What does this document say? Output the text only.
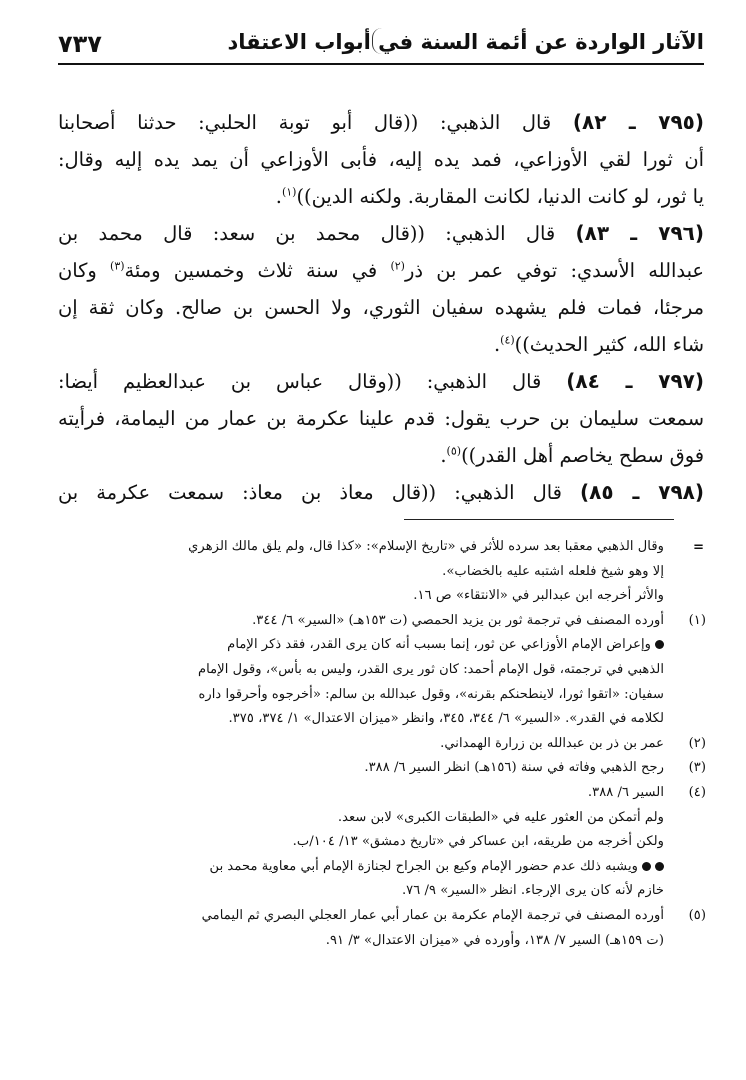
٧٣٧	الآثار الواردة عن أئمة السنة في أبواب الاعتقاد

(٧٩٥ ـ ٨٢) قال الذهبي: ((قال أبو توبة الحلبي: حدثنا أصحابنا
أن ثورا لقي الأوزاعي، فمد يده إليه، فأبى الأوزاعي أن يمد يده إليه وقال:
يا ثور، لو كانت الدنيا، لكانت المقاربة. ولكنه الدين))$^{(١)}$.

(٧٩٦ ـ ٨٣) قال الذهبي: ((قال محمد بن سعد: قال محمد بن
عبدالله الأسدي: توفي عمر بن ذر$^{(٢)}$ في سنة ثلاث وخمسين ومئة$^{(٣)}$ وكان
مرجئا، فمات فلم يشهده سفيان الثوري، ولا الحسن بن صالح. وكان ثقة إن
شاء الله، كثير الحديث))$^{(٤)}$.

(٧٩٧ ـ ٨٤) قال الذهبي: ((وقال عباس بن عبدالعظيم أيضا:
سمعت سليمان بن حرب يقول: قدم علينا عكرمة بن عمار من اليمامة، فرأيته
فوق سطح يخاصم أهل القدر))$^{(٥)}$.

(٧٩٨ ـ ٨٥) قال الذهبي: ((قال معاذ بن معاذ: سمعت عكرمة بن

=
وقال الذهبي معقبا بعد سرده للأثر في «تاريخ الإسلام»: «كذا قال، ولم يلق مالك الزهري
إلا وهو شيخ فلعله اشتبه عليه بالخضاب».
والأثر أخرجه ابن عبدالبر في «الانتقاء» ص ١٦.
(١)
أورده المصنف في ترجمة ثور بن يزيد الحمصي (ت ١٥٣هـ) «السير» ٦/ ٣٤٤.
وإعراض الإمام الأوزاعي عن ثور، إنما بسبب أنه كان يرى القدر، فقد ذكر الإمام
الذهبي في ترجمته، قول الإمام أحمد: كان ثور يرى القدر، وليس به بأس»، وقول الإمام
سفيان: «اتقوا ثورا، لاينطحنكم بقرنه»، وقول عبدالله بن سالم: «أخرجوه وأحرقوا داره
لكلامه في القدر». «السير» ٦/ ٣٤٤، ٣٤٥، وانظر «ميزان الاعتدال» ١/ ٣٧٤، ٣٧٥.
(٢)
عمر بن ذر بن عبدالله بن زرارة الهمداني.
(٣)
رجح الذهبي وفاته في سنة (١٥٦هـ) انظر السير ٦/ ٣٨٨.
(٤)
السير ٦/ ٣٨٨.
ولم أتمكن من العثور عليه في «الطبقات الكبرى» لابن سعد.
ولكن أخرجه من طريقه، ابن عساكر في «تاريخ دمشق» ١٣/ ١٠٤/ب.
ويشبه ذلك عدم حضور الإمام وكيع بن الجراح لجنازة الإمام أبي معاوية محمد بن
خازم لأنه كان يرى الإرجاء. انظر «السير» ٩/ ٧٦.
(٥)
أورده المصنف في ترجمة الإمام عكرمة بن عمار أبي عمار العجلي البصري ثم اليمامي
(ت ١٥٩هـ) السير ٧/ ١٣٨، وأورده في «ميزان الاعتدال» ٣/ ٩١.
